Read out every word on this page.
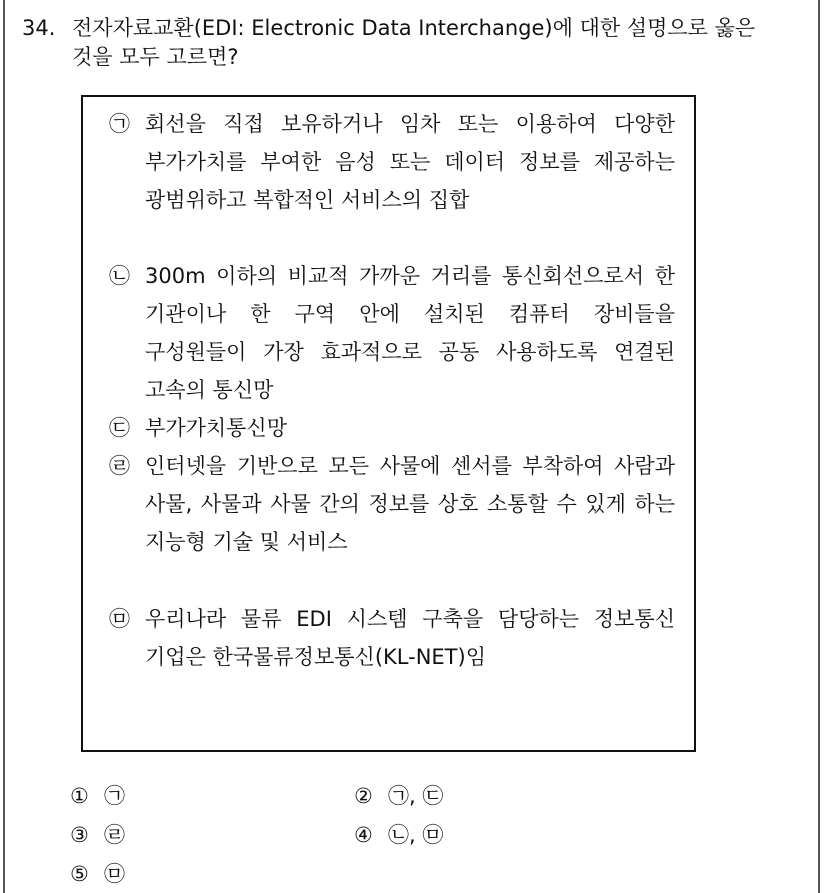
34. 전자자료교환(EDI: Electronic Data Interchange)에 대한 설명으로 옳은 것을 모두 고르면?
㉠ 회선을 직접 보유하거나 임차 또는 이용하여 다양한 부가가치를 부여한 음성 또는 데이터 정보를 제공하는 광범위하고 복합적인 서비스의 집합
㉡ 300m 이하의 비교적 가까운 거리를 통신회선으로서 한 기관이나 한 구역 안에 설치된 컴퓨터 장비들을 구성원들이 가장 효과적으로 공동 사용하도록 연결된 고속의 통신망
㉢ 부가가치통신망
㉣ 인터넷을 기반으로 모든 사물에 센서를 부착하여 사람과 사물, 사물과 사물 간의 정보를 상호 소통할 수 있게 하는 지능형 기술 및 서비스
㉤ 우리나라 물류 EDI 시스템 구축을 담당하는 정보통신 기업은 한국물류정보통신(KL-NET)임
① ㉠	② ㉠, ㉢
③ ㉣	④ ㉡, ㉤
⑤ ㉤
